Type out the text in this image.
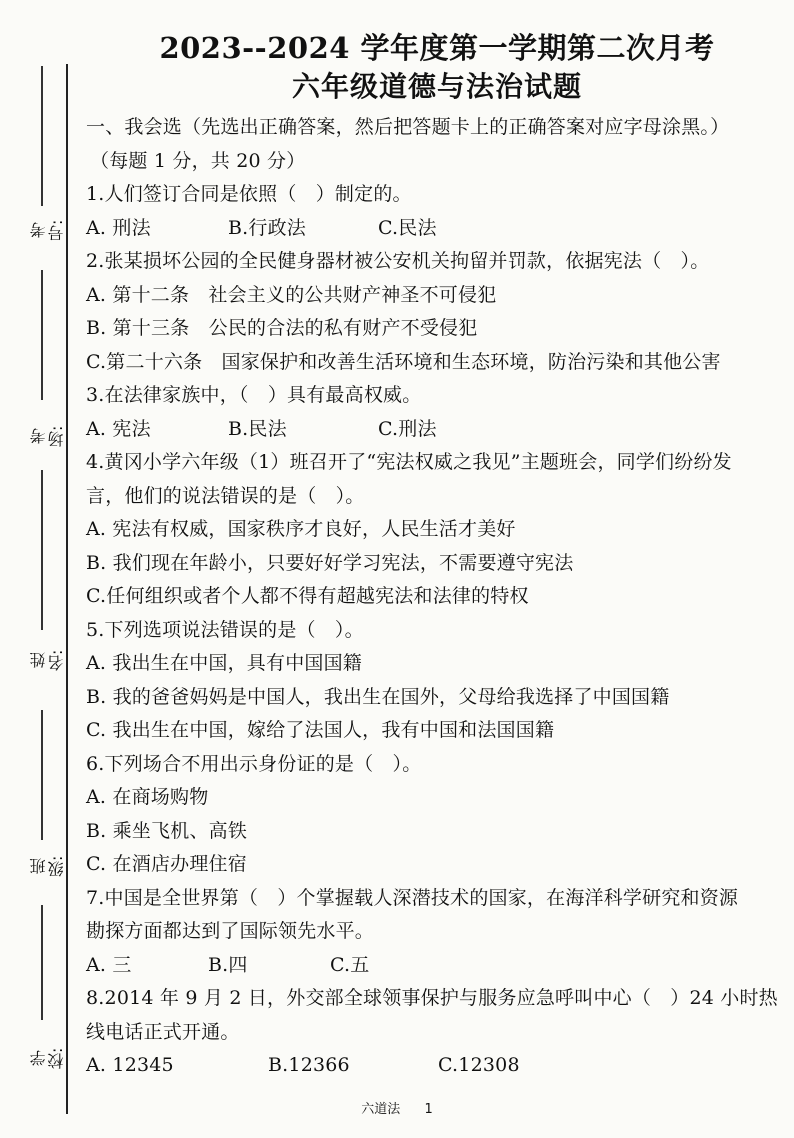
考号:
考场:
姓名:
班级:
学校:
2023--2024 学年度第一学期第二次月考
六年级道德与法治试题
一、我会选（先选出正确答案，然后把答题卡上的正确答案对应字母涂黑。）
（每题 1 分，共 20 分）
1.人们签订合同是依照（　）制定的。
A. 刑法	B.行政法	C.民法
2.张某损坏公园的全民健身器材被公安机关拘留并罚款，依据宪法（　）。
A. 第十二条　社会主义的公共财产神圣不可侵犯
B. 第十三条　公民的合法的私有财产不受侵犯
C.第二十六条　国家保护和改善生活环境和生态环境，防治污染和其他公害
3.在法律家族中，（　）具有最高权威。
A. 宪法	B.民法	C.刑法
4.黄冈小学六年级（1）班召开了“宪法权威之我见”主题班会，同学们纷纷发
言，他们的说法错误的是（　）。
A. 宪法有权威，国家秩序才良好，人民生活才美好
B. 我们现在年龄小，只要好好学习宪法，不需要遵守宪法
C.任何组织或者个人都不得有超越宪法和法律的特权
5.下列选项说法错误的是（　）。
A. 我出生在中国，具有中国国籍
B. 我的爸爸妈妈是中国人，我出生在国外，父母给我选择了中国国籍
C. 我出生在中国，嫁给了法国人，我有中国和法国国籍
6.下列场合不用出示身份证的是（　）。
A. 在商场购物
B. 乘坐飞机、高铁
C. 在酒店办理住宿
7.中国是全世界第（　）个掌握载人深潜技术的国家，在海洋科学研究和资源
勘探方面都达到了国际领先水平。
A. 三	B.四	C.五
8.2014 年 9 月 2 日，外交部全球领事保护与服务应急呼叫中心（　）24 小时热
线电话正式开通。
A. 12345	B.12366	C.12308
六道法 1
